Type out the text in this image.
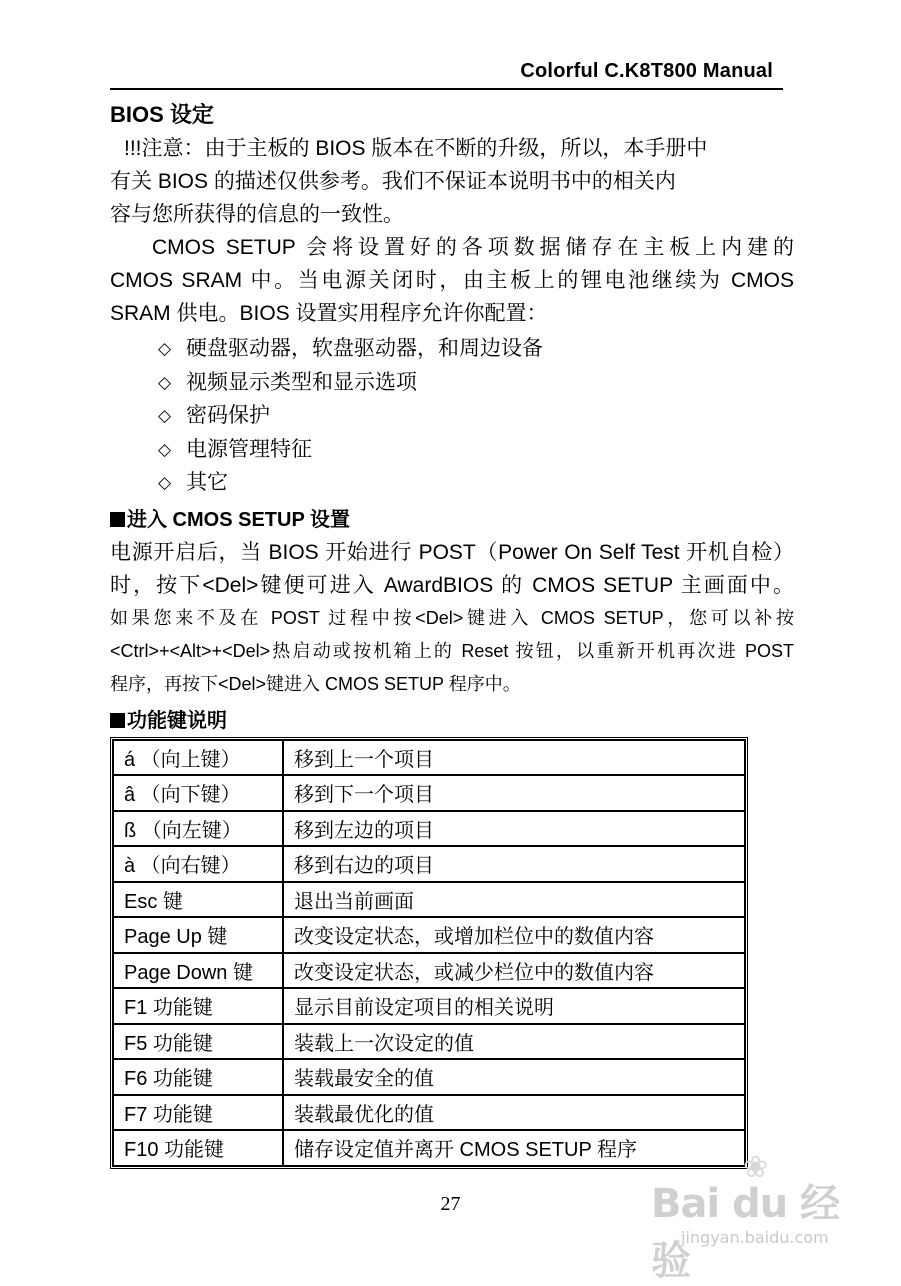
Colorful C.K8T800 Manual
BIOS 设定

!!!注意：由于主板的 BIOS 版本在不断的升级，所以，本手册中
有关 BIOS 的描述仅供参考。我们不保证本说明书中的相关内
容与您所获得的信息的一致性。

CMOS SETUP 会将设置好的各项数据储存在主板上内建的
CMOS SRAM 中。当电源关闭时，由主板上的锂电池继续为 CMOS
SRAM 供电。BIOS 设置实用程序允许你配置：

◇ 硬盘驱动器，软盘驱动器，和周边设备
◇ 视频显示类型和显示选项
◇ 密码保护
◇ 电源管理特征
◇ 其它
进入 CMOS SETUP 设置

电源开启后，当 BIOS 开始进行 POST（Power On Self Test 开机自检）
时，按下<Del>键便可进入 AwardBIOS 的 CMOS SETUP 主画面中。
如果您来不及在 POST 过程中按<Del>键进入 CMOS SETUP，您可以补按
<Ctrl>+<Alt>+<Del>热启动或按机箱上的 Reset 按钮，以重新开机再次进 POST
程序，再按下<Del>键进入 CMOS SETUP 程序中。

功能键说明
á （向上键）	移到上一个项目
â （向下键）	移到下一个项目
ß （向左键）	移到左边的项目
à （向右键）	移到右边的项目
Esc 键	退出当前画面
Page Up 键	改变设定状态，或增加栏位中的数值内容
Page Down 键	改变设定状态，或减少栏位中的数值内容
F1 功能键	显示目前设定项目的相关说明
F5 功能键	装载上一次设定的值
F6 功能键	装载最安全的值
F7 功能键	装载最优化的值
F10 功能键	储存设定值并离开 CMOS SETUP 程序
27
❀
Bai du 经验
jingyan.baidu.com
